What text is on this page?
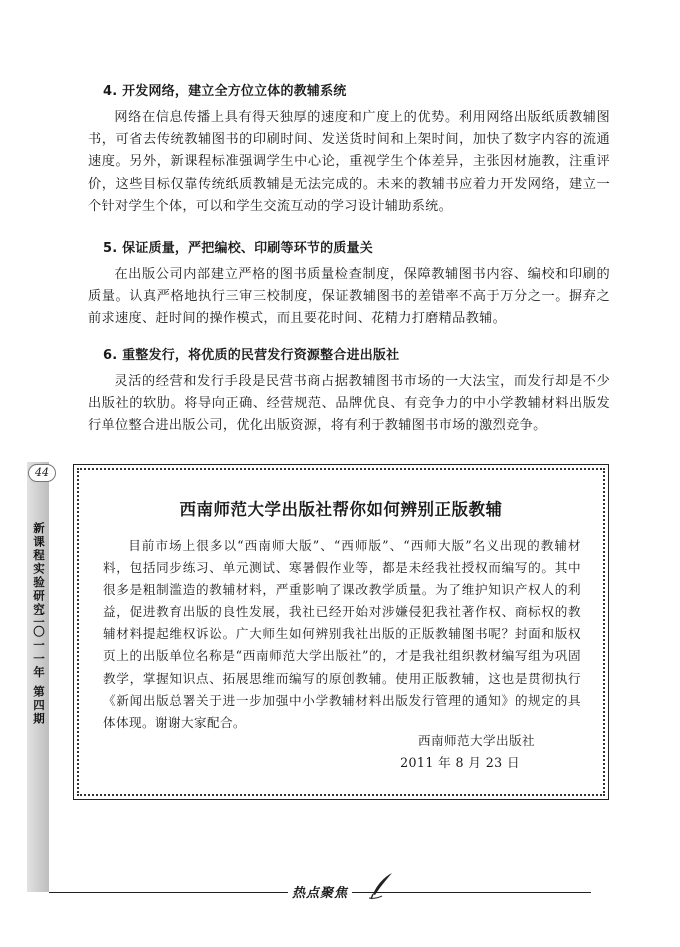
4. 开发网络，建立全方位立体的教辅系统

网络在信息传播上具有得天独厚的速度和广度上的优势。利用网络出版纸质教辅图书，可省去传统教辅图书的印刷时间、发送货时间和上架时间，加快了数字内容的流通速度。另外，新课程标准强调学生中心论，重视学生个体差异，主张因材施教，注重评价，这些目标仅靠传统纸质教辅是无法完成的。未来的教辅书应着力开发网络，建立一个针对学生个体，可以和学生交流互动的学习设计辅助系统。

5. 保证质量，严把编校、印刷等环节的质量关

在出版公司内部建立严格的图书质量检查制度，保障教辅图书内容、编校和印刷的质量。认真严格地执行三审三校制度，保证教辅图书的差错率不高于万分之一。摒弃之前求速度、赶时间的操作模式，而且要花时间、花精力打磨精品教辅。

6. 重整发行，将优质的民营发行资源整合进出版社

灵活的经营和发行手段是民营书商占据教辅图书市场的一大法宝，而发行却是不少出版社的软肋。将导向正确、经营规范、品牌优良、有竞争力的中小学教辅材料出版发行单位整合进出版公司，优化出版资源，将有利于教辅图书市场的激烈竞争。

44
新课程实验研究
二〇一一年 第四期
西南师范大学出版社帮你如何辨别正版教辅

目前市场上很多以“西南师大版”、“西师版”、“西师大版”名义出现的教辅材料，包括同步练习、单元测试、寒暑假作业等，都是未经我社授权而编写的。其中很多是粗制滥造的教辅材料，严重影响了课改教学质量。为了维护知识产权人的利益，促进教育出版的良性发展，我社已经开始对涉嫌侵犯我社著作权、商标权的教辅材料提起维权诉讼。广大师生如何辨别我社出版的正版教辅图书呢？封面和版权页上的出版单位名称是“西南师范大学出版社”的，才是我社组织教材编写组为巩固教学，掌握知识点、拓展思维而编写的原创教辅。使用正版教辅，这也是贯彻执行《新闻出版总署关于进一步加强中小学教辅材料出版发行管理的通知》的规定的具体体现。谢谢大家配合。

西南师范大学出版社
2011 年 8 月 23 日
热点聚焦
